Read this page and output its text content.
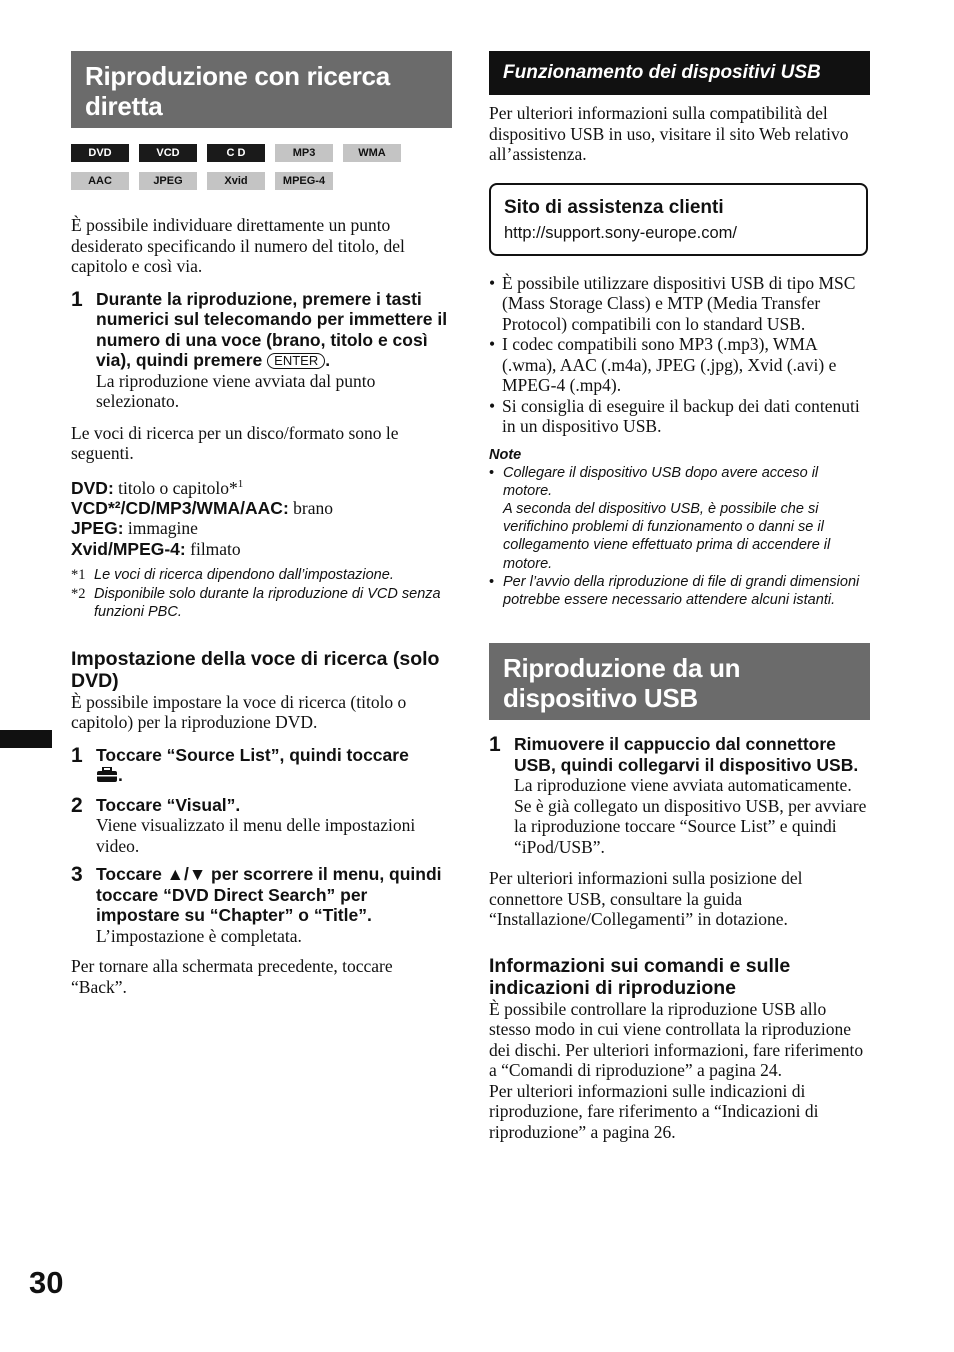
Riproduzione con ricerca diretta
DVD	VCD	C D	MP3	WMA
AAC	JPEG	Xvid	MPEG-4

È possibile individuare direttamente un punto desiderato specificando il numero del titolo, del capitolo e così via.

1 Durante la riproduzione, premere i tasti numerici sul telecomando per immettere il numero di una voce (brano, titolo e così via), quindi premere ENTER .
La riproduzione viene avviata dal punto selezionato.

Le voci di ricerca per un disco/formato sono le seguenti.

DVD: titolo o capitolo*$^1$
VCD*²/CD/MP3/WMA/AAC: brano
JPEG: immagine
Xvid/MPEG-4: filmato
*1 Le voci di ricerca dipendono dall’impostazione.
*2 Disponibile solo durante la riproduzione di VCD senza funzioni PBC.
Impostazione della voce di ricerca (solo DVD)

È possibile impostare la voce di ricerca (titolo o capitolo) per la riproduzione DVD.

1 Toccare “Source List”, quindi toccare
.
2 Toccare “Visual”.
Viene visualizzato il menu delle impostazioni video.
3 Toccare ▲/▼ per scorrere il menu, quindi toccare “DVD Direct Search” per impostare su “Chapter” o “Title”.
L’impostazione è completata.

Per tornare alla schermata precedente, toccare “Back”.

Funzionamento dei dispositivi USB

Per ulteriori informazioni sulla compatibilità del dispositivo USB in uso, visitare il sito Web relativo all’assistenza.

Sito di assistenza clienti
http://support.sony-europe.com/
• È possibile utilizzare dispositivi USB di tipo MSC (Mass Storage Class) e MTP (Media Transfer Protocol) compatibili con lo standard USB.
• I codec compatibili sono MP3 (.mp3), WMA (.wma), AAC (.m4a), JPEG (.jpg), Xvid (.avi) e MPEG-4 (.mp4).
• Si consiglia di eseguire il backup dei dati contenuti in un dispositivo USB.
Note
• Collegare il dispositivo USB dopo avere acceso il motore.
A seconda del dispositivo USB, è possibile che si verifichino problemi di funzionamento o danni se il collegamento viene effettuato prima di accendere il motore.
• Per l’avvio della riproduzione di file di grandi dimensioni potrebbe essere necessario attendere alcuni istanti.
Riproduzione da un dispositivo USB
1 Rimuovere il cappuccio dal connettore USB, quindi collegarvi il dispositivo USB.
La riproduzione viene avviata automaticamente.
Se è già collegato un dispositivo USB, per avviare la riproduzione toccare “Source List” e quindi “iPod/USB”.

Per ulteriori informazioni sulla posizione del connettore USB, consultare la guida “Installazione/Collegamenti” in dotazione.

Informazioni sui comandi e sulle indicazioni di riproduzione

È possibile controllare la riproduzione USB allo stesso modo in cui viene controllata la riproduzione dei dischi. Per ulteriori informazioni, fare riferimento a “Comandi di riproduzione” a pagina 24.

Per ulteriori informazioni sulle indicazioni di riproduzione, fare riferimento a “Indicazioni di riproduzione” a pagina 26.

30
